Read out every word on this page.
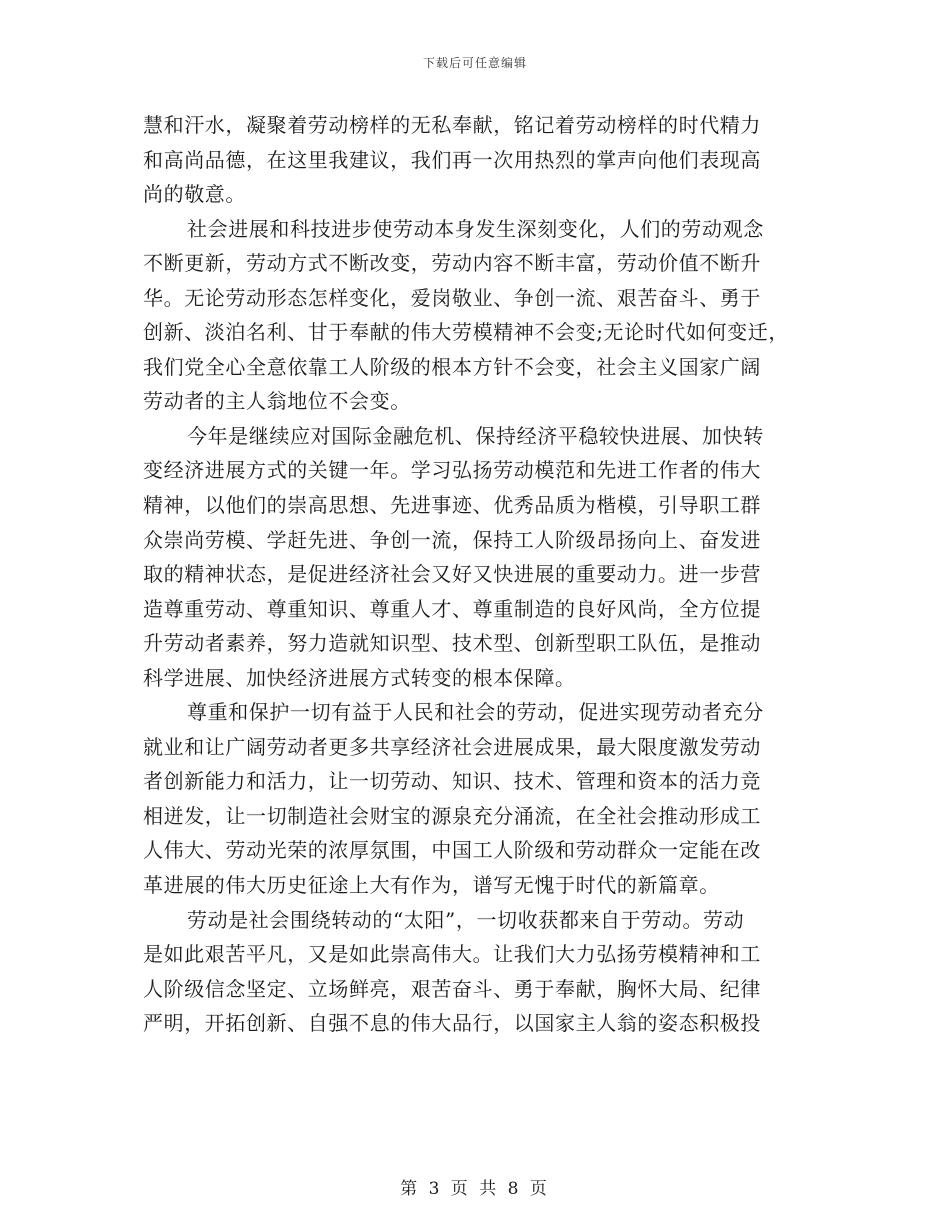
下载后可任意编辑
慧和汗水，凝聚着劳动榜样的无私奉献，铭记着劳动榜样的时代精力
和高尚品德，在这里我建议，我们再一次用热烈的掌声向他们表现高
尚的敬意。
社会进展和科技进步使劳动本身发生深刻变化，人们的劳动观念
不断更新，劳动方式不断改变，劳动内容不断丰富，劳动价值不断升
华。无论劳动形态怎样变化，爱岗敬业、争创一流、艰苦奋斗、勇于
创新、淡泊名利、甘于奉献的伟大劳模精神不会变;无论时代如何变迁，
我们党全心全意依靠工人阶级的根本方针不会变，社会主义国家广阔
劳动者的主人翁地位不会变。
今年是继续应对国际金融危机、保持经济平稳较快进展、加快转
变经济进展方式的关键一年。学习弘扬劳动模范和先进工作者的伟大
精神，以他们的崇高思想、先进事迹、优秀品质为楷模，引导职工群
众崇尚劳模、学赶先进、争创一流，保持工人阶级昂扬向上、奋发进
取的精神状态，是促进经济社会又好又快进展的重要动力。进一步营
造尊重劳动、尊重知识、尊重人才、尊重制造的良好风尚，全方位提
升劳动者素养，努力造就知识型、技术型、创新型职工队伍，是推动
科学进展、加快经济进展方式转变的根本保障。
尊重和保护一切有益于人民和社会的劳动，促进实现劳动者充分
就业和让广阔劳动者更多共享经济社会进展成果，最大限度激发劳动
者创新能力和活力，让一切劳动、知识、技术、管理和资本的活力竞
相迸发，让一切制造社会财宝的源泉充分涌流，在全社会推动形成工
人伟大、劳动光荣的浓厚氛围，中国工人阶级和劳动群众一定能在改
革进展的伟大历史征途上大有作为，谱写无愧于时代的新篇章。
劳动是社会围绕转动的“太阳”，一切收获都来自于劳动。劳动
是如此艰苦平凡，又是如此崇高伟大。让我们大力弘扬劳模精神和工
人阶级信念坚定、立场鲜亮，艰苦奋斗、勇于奉献，胸怀大局、纪律
严明，开拓创新、自强不息的伟大品行，以国家主人翁的姿态积极投
第 3 页 共 8 页
